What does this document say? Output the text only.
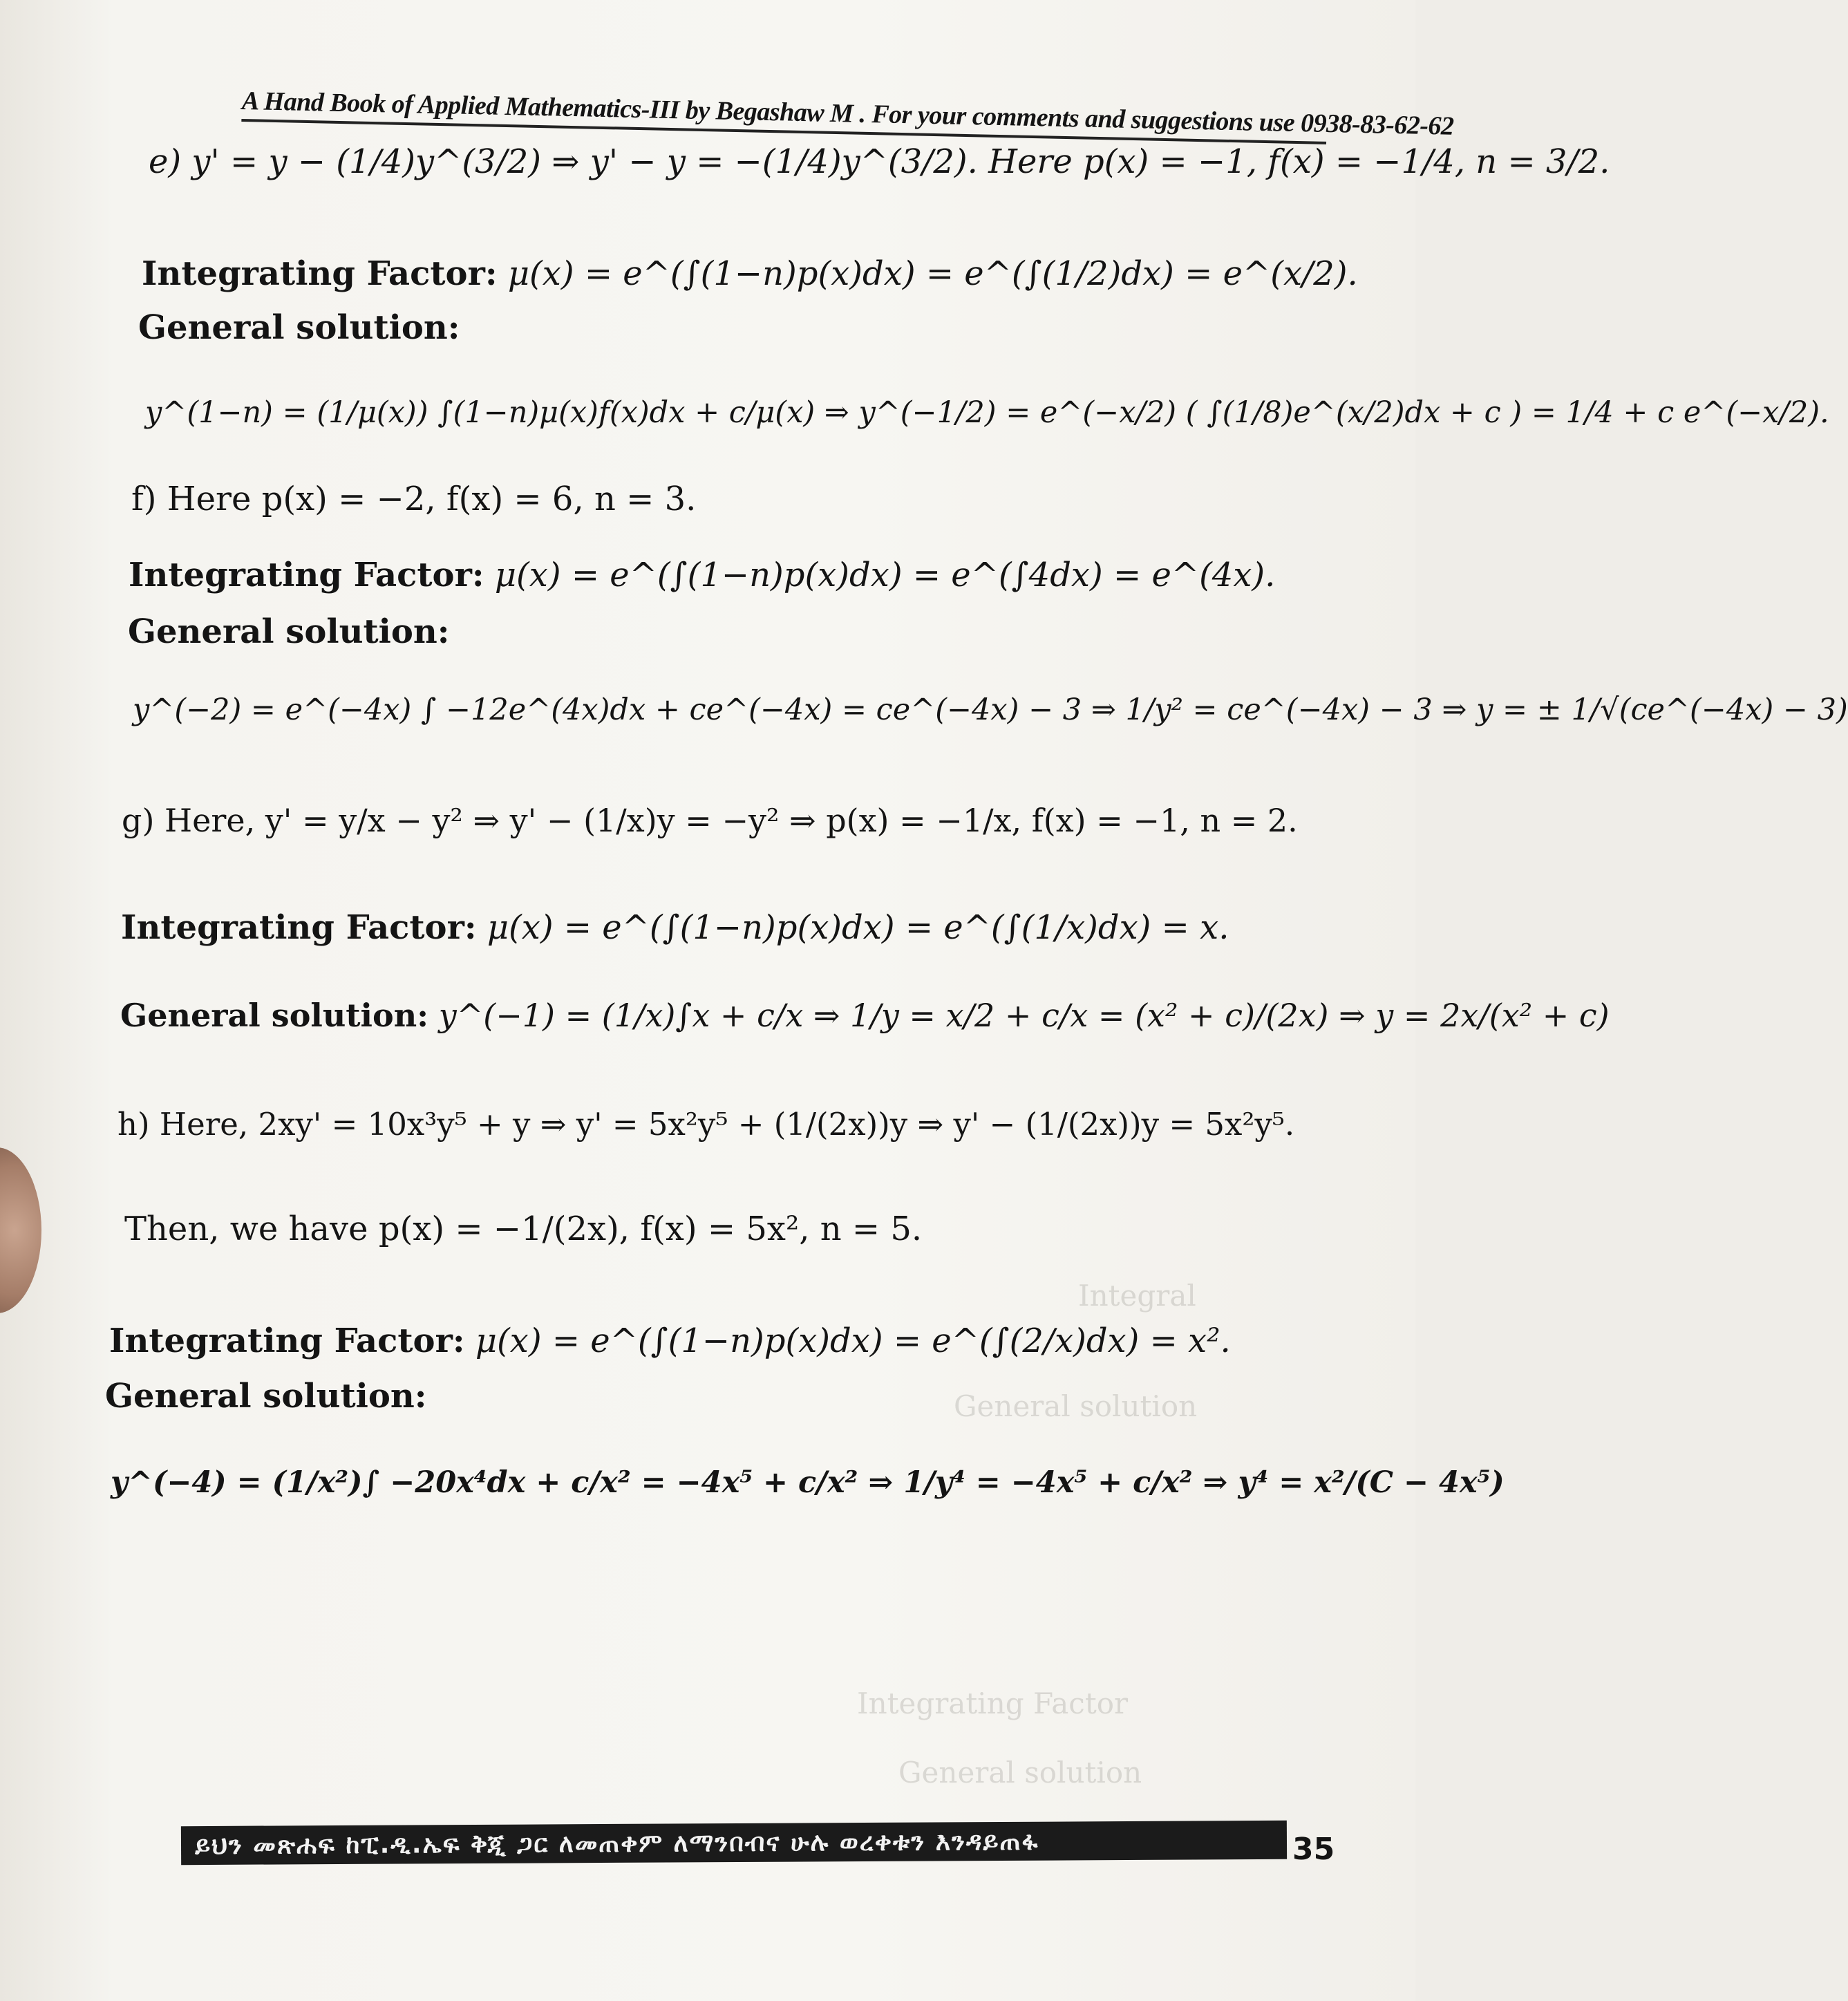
A Hand Book of Applied Mathematics-III by Begashaw M . For your comments and suggestions use 0938-83-62-62
Integral
General solution
Integrating Factor
General solution
e) y' = y − (1/4)y^(3/2) ⇒ y' − y = −(1/4)y^(3/2). Here p(x) = −1, f(x) = −1/4, n = 3/2.
Integrating Factor: μ(x) = e^(∫(1−n)p(x)dx) = e^(∫(1/2)dx) = e^(x/2).
General solution:
y^(1−n) = (1/μ(x)) ∫(1−n)μ(x)f(x)dx + c/μ(x) ⇒ y^(−1/2) = e^(−x/2) ( ∫(1/8)e^(x/2)dx + c ) = 1/4 + c e^(−x/2).
f) Here p(x) = −2, f(x) = 6, n = 3.
Integrating Factor: μ(x) = e^(∫(1−n)p(x)dx) = e^(∫4dx) = e^(4x).
General solution:
y^(−2) = e^(−4x) ∫ −12e^(4x)dx + ce^(−4x) = ce^(−4x) − 3 ⇒ 1/y² = ce^(−4x) − 3 ⇒ y = ± 1/√(ce^(−4x) − 3)
g) Here, y' = y/x − y² ⇒ y' − (1/x)y = −y² ⇒ p(x) = −1/x, f(x) = −1, n = 2.
Integrating Factor: μ(x) = e^(∫(1−n)p(x)dx) = e^(∫(1/x)dx) = x.
General solution: y^(−1) = (1/x)∫x + c/x ⇒ 1/y = x/2 + c/x = (x² + c)/(2x) ⇒ y = 2x/(x² + c)
h) Here, 2xy' = 10x³y⁵ + y ⇒ y' = 5x²y⁵ + (1/(2x))y ⇒ y' − (1/(2x))y = 5x²y⁵.
Then, we have p(x) = −1/(2x), f(x) = 5x², n = 5.
Integrating Factor: μ(x) = e^(∫(1−n)p(x)dx) = e^(∫(2/x)dx) = x².
General solution:
y^(−4) = (1/x²)∫ −20x⁴dx + c/x² = −4x⁵ + c/x² ⇒ 1/y⁴ = −4x⁵ + c/x² ⇒ y⁴ = x²/(C − 4x⁵)
ይህን መጽሐፍ ከፒ.ዲ.ኤፍ ቅጂ ጋር ለመጠቀም ለማንበብና ሁሉ ወረቀቱን እንዳይጠፋ	35
